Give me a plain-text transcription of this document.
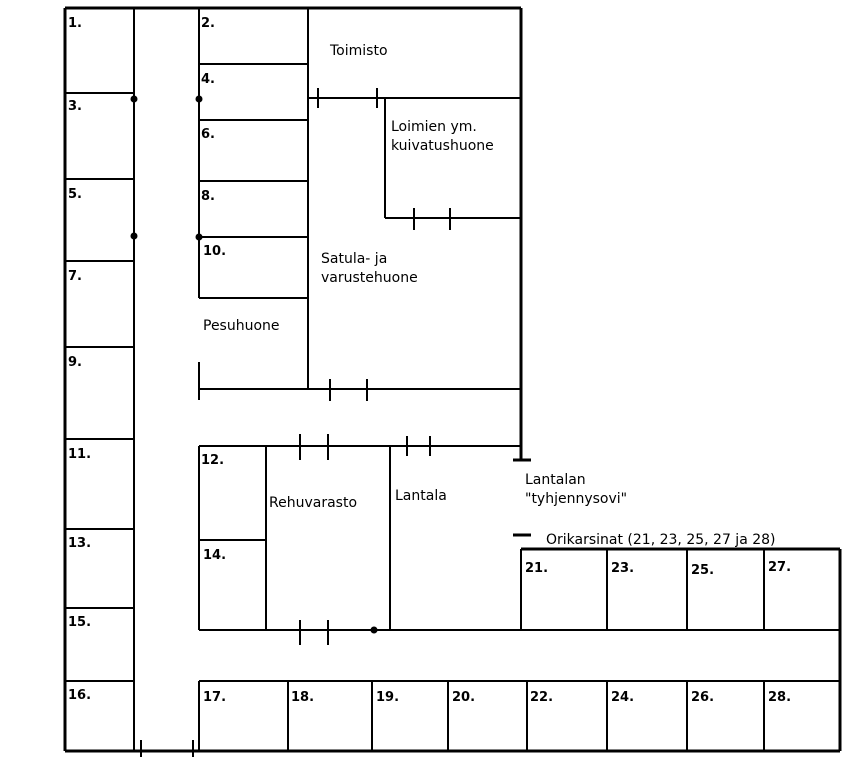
1.	2.
3.
4.
5.
6.
7.
8.
9.
10.
11.	12.
13.
14.
15.
16.	17.	18.	19.	20.
21.
22.
23.
24.
25.
26.
27.
28.
Toimisto
Loimien ym.
kuivatushuone
Satula- ja
varustehuone
Pesuhuone
Rehuvarasto	Lantala
Lantalan
"tyhjennysovi"
Orikarsinat (21, 23, 25, 27 ja 28)
